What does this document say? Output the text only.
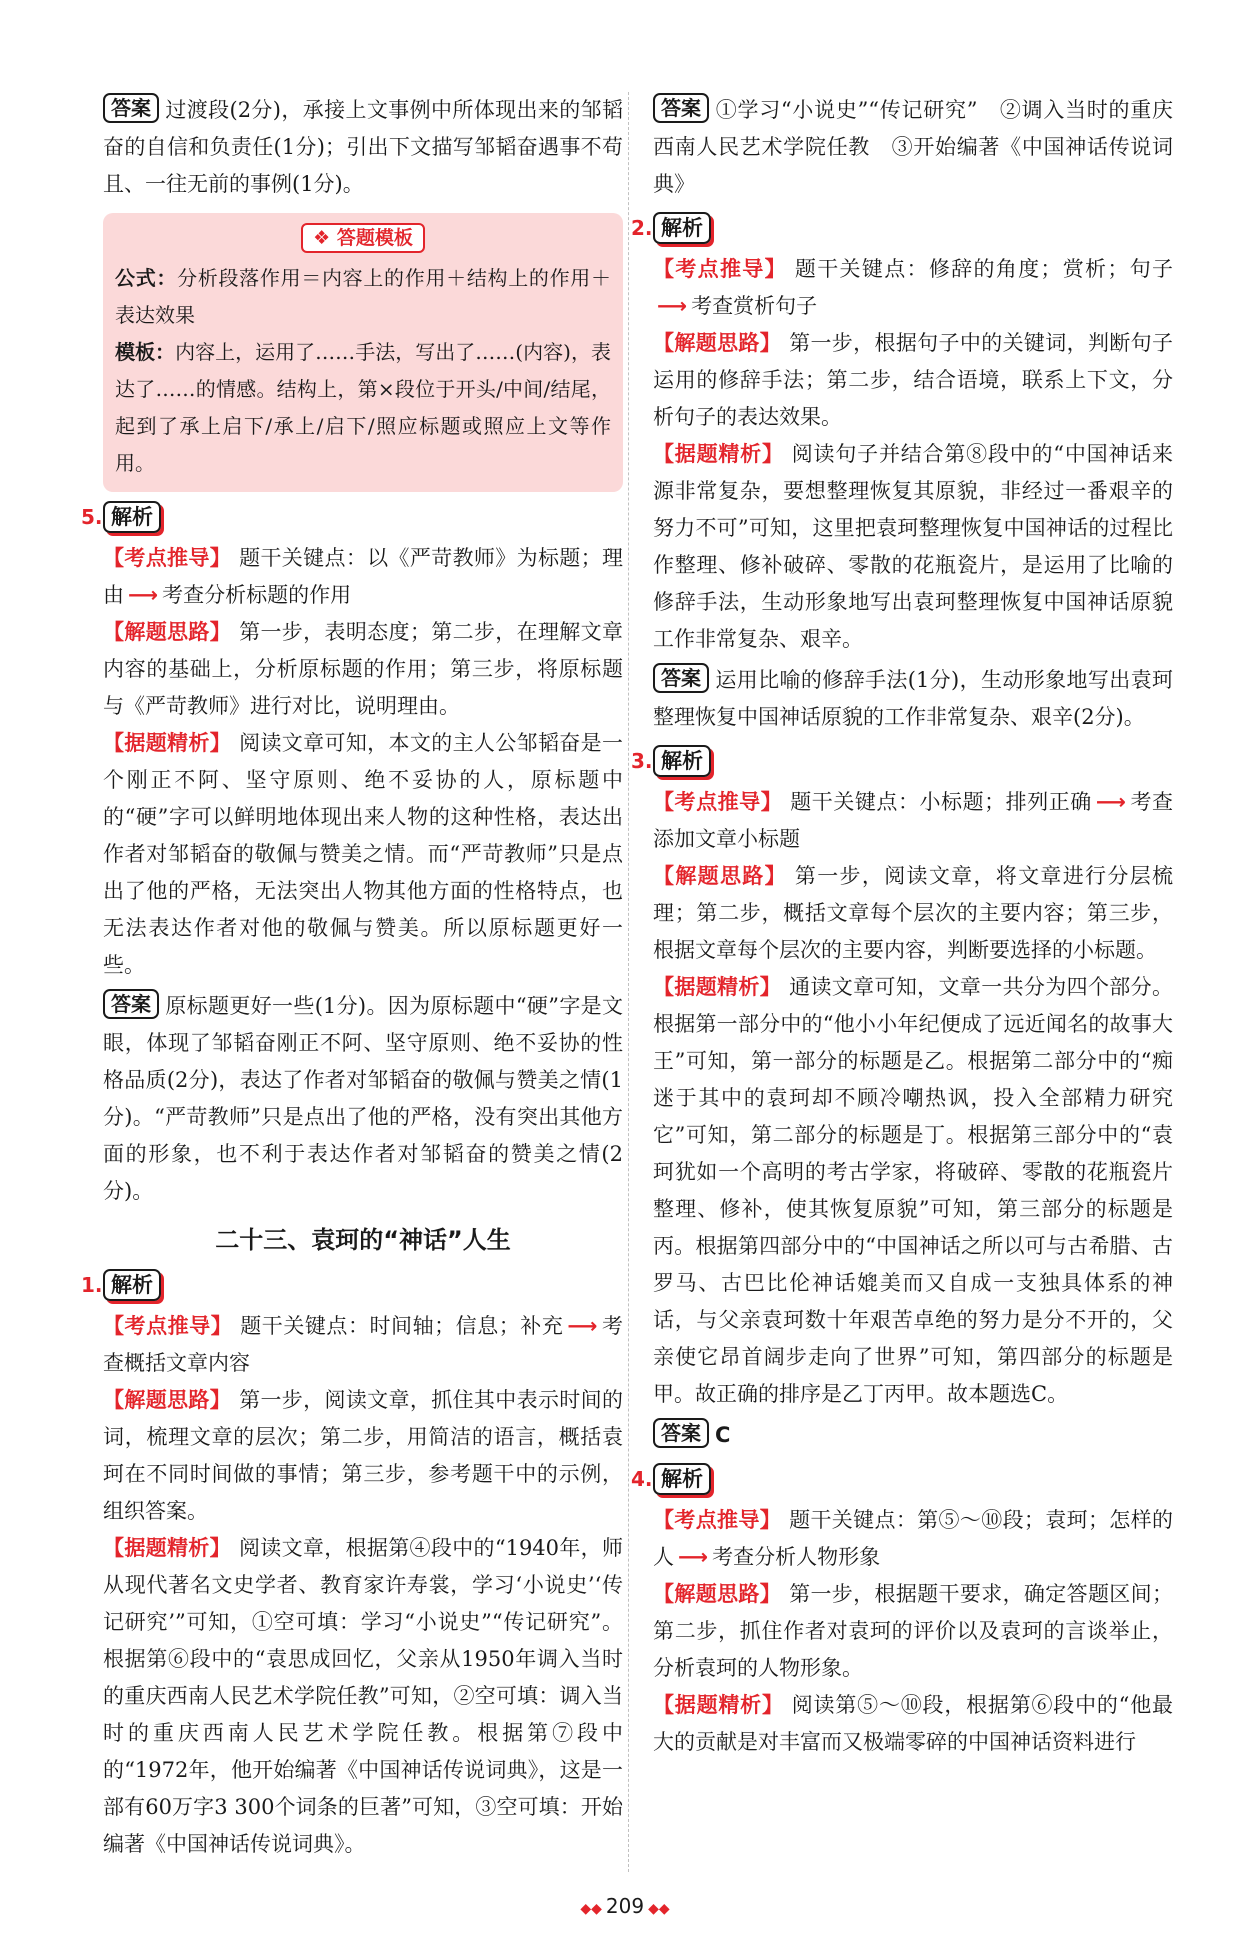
答案 过渡段(2分)，承接上文事例中所体现出来的邹韬奋的自信和负责任(1分)；引出下文描写邹韬奋遇事不苟且、一往无前的事例(1分)。

❖ 答题模板

公式：分析段落作用＝内容上的作用＋结构上的作用＋表达效果

模板：内容上，运用了……手法，写出了……(内容)，表达了……的情感。结构上，第×段位于开头/中间/结尾，起到了承上启下/承上/启下/照应标题或照应上文等作用。

5. 解析

【考点推导】 题干关键点：以《严苛教师》为标题；理由 ⟶ 考查分析标题的作用

【解题思路】 第一步，表明态度；第二步，在理解文章内容的基础上，分析原标题的作用；第三步，将原标题与《严苛教师》进行对比，说明理由。

【据题精析】 阅读文章可知，本文的主人公邹韬奋是一个刚正不阿、坚守原则、绝不妥协的人，原标题中的“硬”字可以鲜明地体现出来人物的这种性格，表达出作者对邹韬奋的敬佩与赞美之情。而“严苛教师”只是点出了他的严格，无法突出人物其他方面的性格特点，也无法表达作者对他的敬佩与赞美。所以原标题更好一些。

答案 原标题更好一些(1分)。因为原标题中“硬”字是文眼，体现了邹韬奋刚正不阿、坚守原则、绝不妥协的性格品质(2分)，表达了作者对邹韬奋的敬佩与赞美之情(1分)。“严苛教师”只是点出了他的严格，没有突出其他方面的形象，也不利于表达作者对邹韬奋的赞美之情(2分)。

二十三、袁珂的“神话”人生
1. 解析

【考点推导】 题干关键点：时间轴；信息；补充 ⟶ 考查概括文章内容

【解题思路】 第一步，阅读文章，抓住其中表示时间的词，梳理文章的层次；第二步，用简洁的语言，概括袁珂在不同时间做的事情；第三步，参考题干中的示例，组织答案。

【据题精析】 阅读文章，根据第④段中的“1940年，师从现代著名文史学者、教育家许寿裳，学习‘小说史’‘传记研究’”可知，①空可填：学习“小说史”“传记研究”。根据第⑥段中的“袁思成回忆，父亲从1950年调入当时的重庆西南人民艺术学院任教”可知，②空可填：调入当时的重庆西南人民艺术学院任教。根据第⑦段中的“1972年，他开始编著《中国神话传说词典》，这是一部有60万字3 300个词条的巨著”可知，③空可填：开始编著《中国神话传说词典》。

答案 ①学习“小说史”“传记研究”　②调入当时的重庆西南人民艺术学院任教　③开始编著《中国神话传说词典》

2. 解析

【考点推导】 题干关键点：修辞的角度；赏析；句子⟶ 考查赏析句子

【解题思路】 第一步，根据句子中的关键词，判断句子运用的修辞手法；第二步，结合语境，联系上下文，分析句子的表达效果。

【据题精析】 阅读句子并结合第⑧段中的“中国神话来源非常复杂，要想整理恢复其原貌，非经过一番艰辛的努力不可”可知，这里把袁珂整理恢复中国神话的过程比作整理、修补破碎、零散的花瓶瓷片，是运用了比喻的修辞手法，生动形象地写出袁珂整理恢复中国神话原貌工作非常复杂、艰辛。

答案 运用比喻的修辞手法(1分)，生动形象地写出袁珂整理恢复中国神话原貌的工作非常复杂、艰辛(2分)。

3. 解析

【考点推导】 题干关键点：小标题；排列正确 ⟶ 考查添加文章小标题

【解题思路】 第一步，阅读文章，将文章进行分层梳理；第二步，概括文章每个层次的主要内容；第三步，根据文章每个层次的主要内容，判断要选择的小标题。

【据题精析】 通读文章可知，文章一共分为四个部分。根据第一部分中的“他小小年纪便成了远近闻名的故事大王”可知，第一部分的标题是乙。根据第二部分中的“痴迷于其中的袁珂却不顾冷嘲热讽，投入全部精力研究它”可知，第二部分的标题是丁。根据第三部分中的“袁珂犹如一个高明的考古学家，将破碎、零散的花瓶瓷片整理、修补，使其恢复原貌”可知，第三部分的标题是丙。根据第四部分中的“中国神话之所以可与古希腊、古罗马、古巴比伦神话媲美而又自成一支独具体系的神话，与父亲袁珂数十年艰苦卓绝的努力是分不开的，父亲使它昂首阔步走向了世界”可知，第四部分的标题是甲。故正确的排序是乙丁丙甲。故本题选C。

答案 C

4. 解析

【考点推导】 题干关键点：第⑤～⑩段；袁珂；怎样的人 ⟶ 考查分析人物形象

【解题思路】 第一步，根据题干要求，确定答题区间；第二步，抓住作者对袁珂的评价以及袁珂的言谈举止，分析袁珂的人物形象。

【据题精析】 阅读第⑤～⑩段，根据第⑥段中的“他最大的贡献是对丰富而又极端零碎的中国神话资料进行

◆◆ 209 ◆◆
